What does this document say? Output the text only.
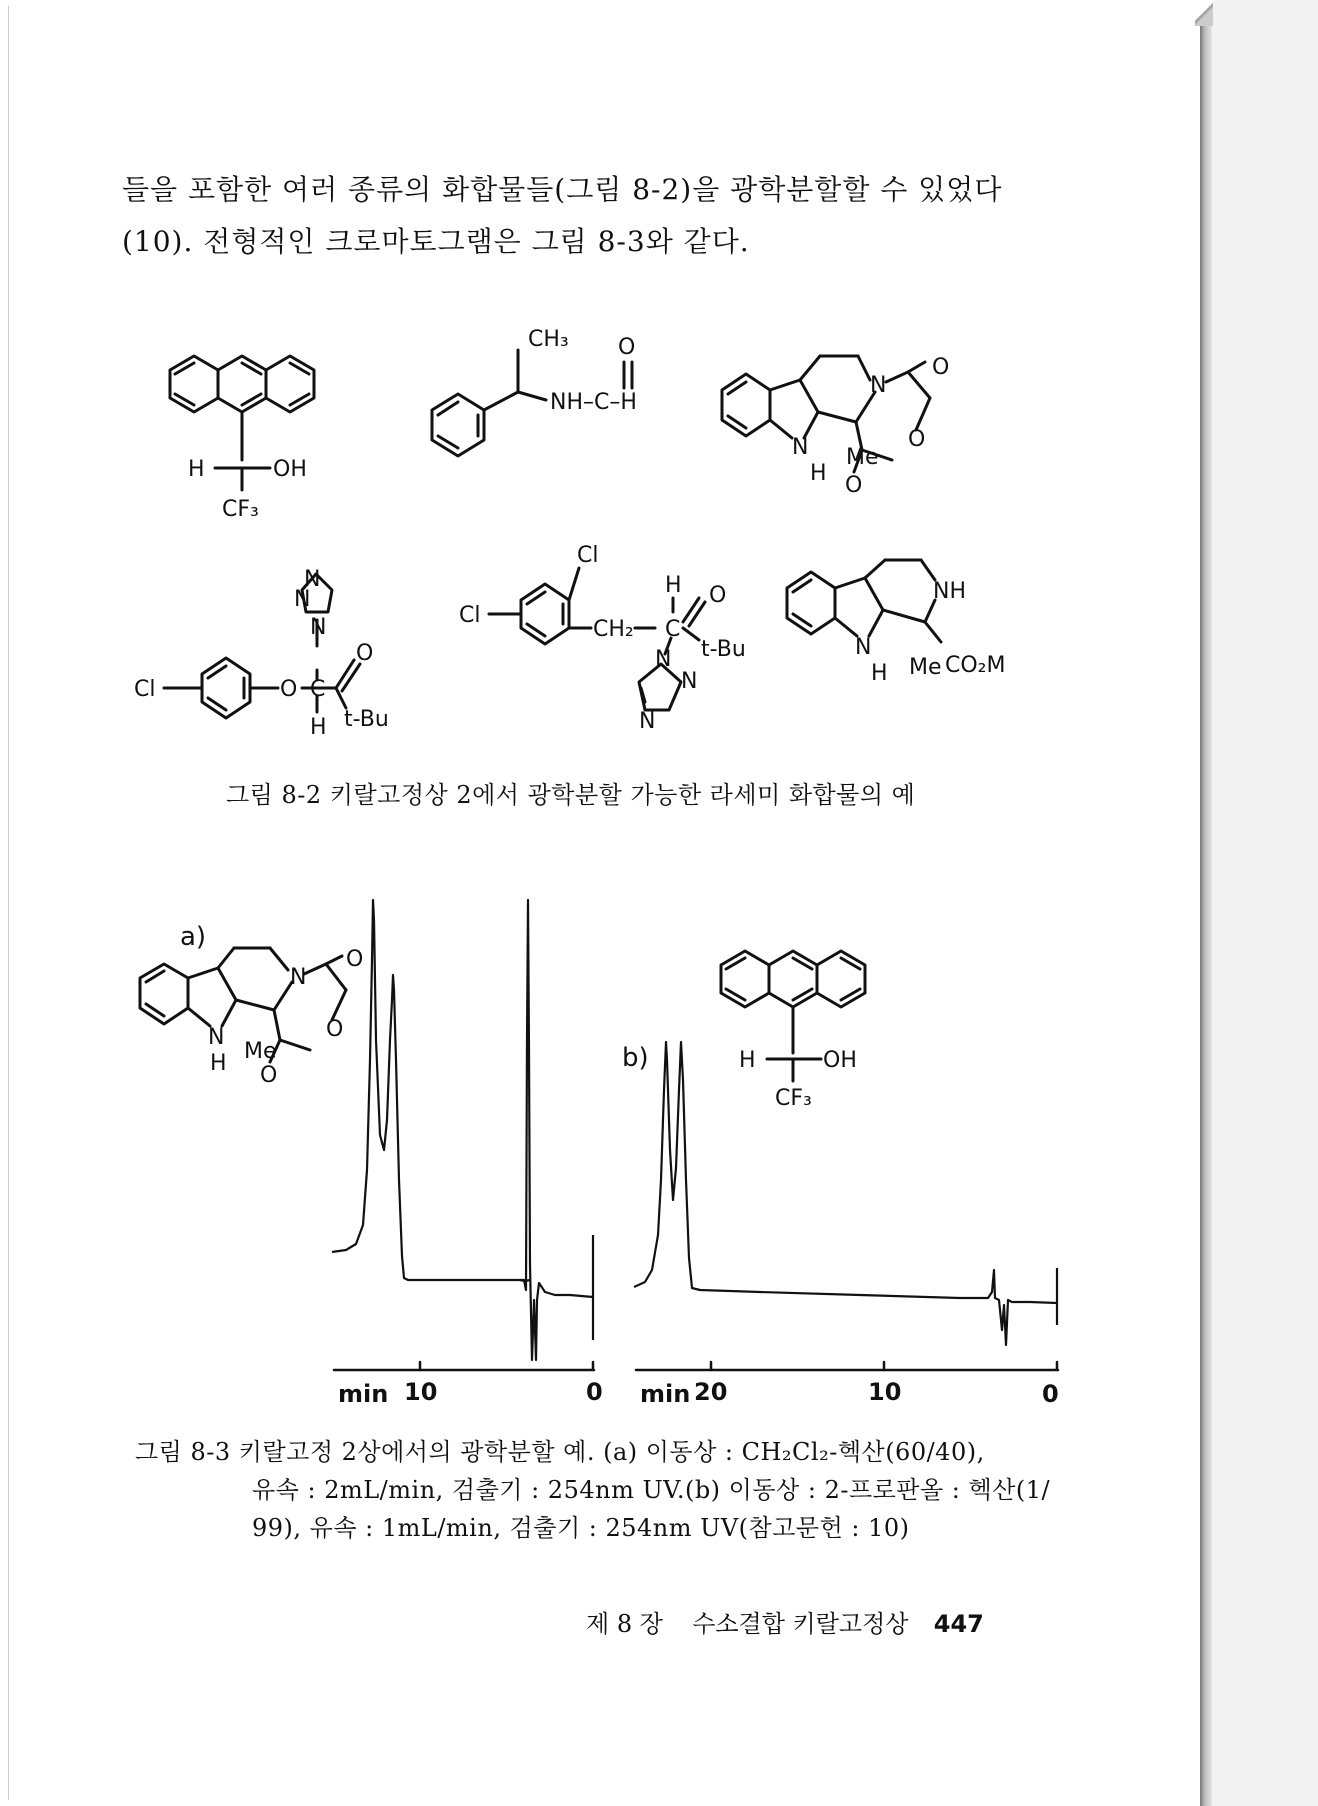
들을 포함한 여러 종류의 화합물들(그림 8-2)을 광학분할할 수 있었다
(10). 전형적인 크로마토그램은 그림 8-3와 같다.
H	OH
CF₃
CH₃ O
NH–C–H
N
O
O
O
N
H
Me
N
N
N
Cl	O C
O
H t-Bu
Cl
Cl
CH₂
H
C
O
t-Bu
N
N
N
NH
N
H Me CO₂M
그림 8-2 키랄고정상 2에서 광학분할 가능한 라세미 화합물의 예
a)
b)
N
O
O
O
N
H Me	H	OH
CF₃
min 10	0 min 20	10	0
그림 8-3 키랄고정 2상에서의 광학분할 예. (a) 이동상 : CH₂Cl₂-헥산(60/40),
유속 : 2mL/min, 검출기 : 254nm UV.(b) 이동상 : 2-프로판올 : 헥산(1/
99), 유속 : 1mL/min, 검출기 : 254nm UV(참고문헌 : 10)
제 8 장 수소결합 키랄고정상 447
